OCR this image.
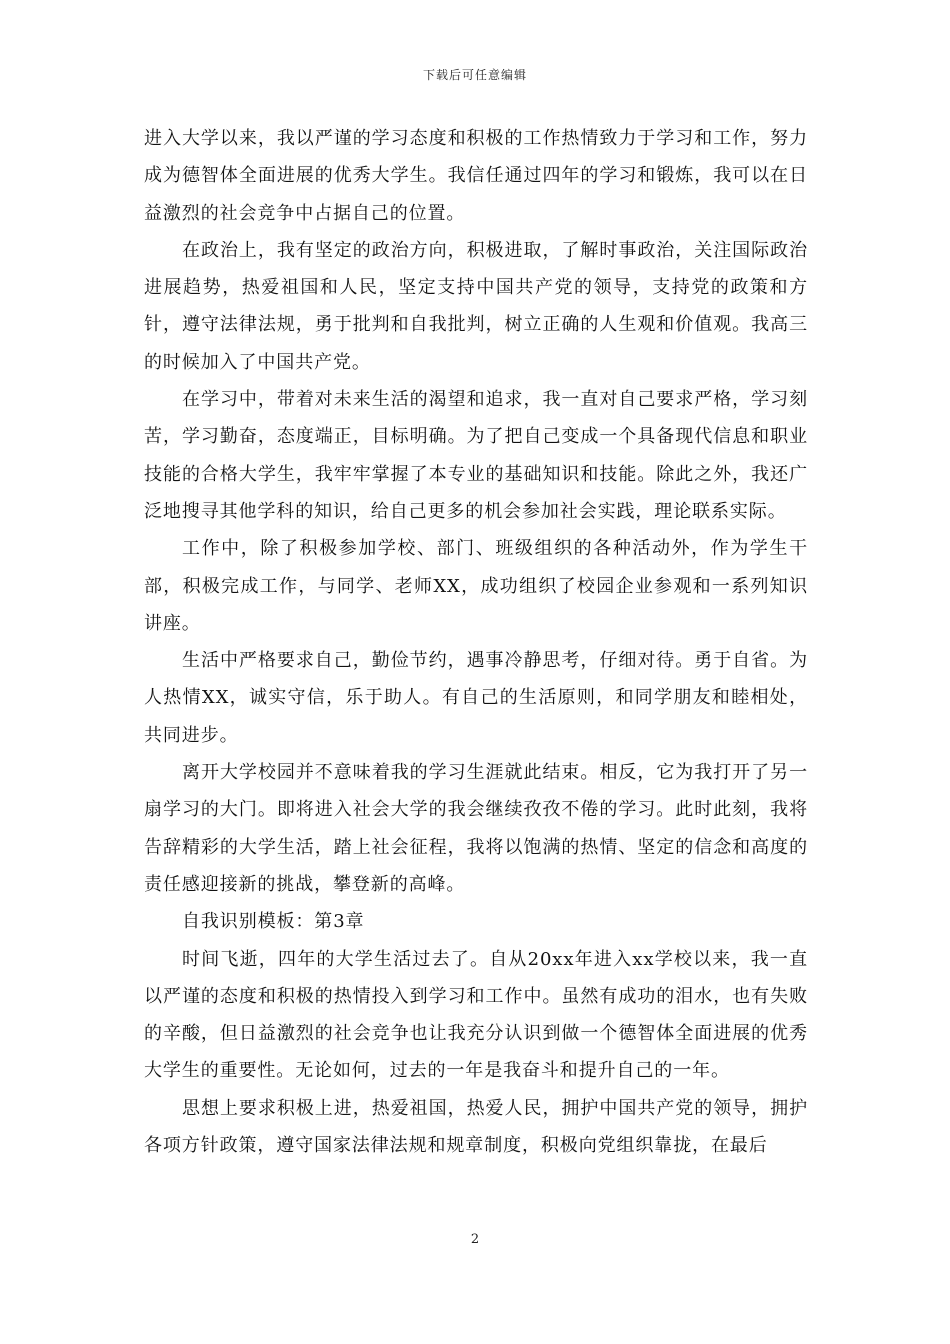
下载后可任意编辑

进入大学以来，我以严谨的学习态度和积极的工作热情致力于学习和工作，努力成为德智体全面进展的优秀大学生。我信任通过四年的学习和锻炼，我可以在日益激烈的社会竞争中占据自己的位置。

在政治上，我有坚定的政治方向，积极进取，了解时事政治，关注国际政治进展趋势，热爱祖国和人民，坚定支持中国共产党的领导，支持党的政策和方针，遵守法律法规，勇于批判和自我批判，树立正确的人生观和价值观。我高三的时候加入了中国共产党。

在学习中，带着对未来生活的渴望和追求，我一直对自己要求严格，学习刻苦，学习勤奋，态度端正，目标明确。为了把自己变成一个具备现代信息和职业技能的合格大学生，我牢牢掌握了本专业的基础知识和技能。除此之外，我还广泛地搜寻其他学科的知识，给自己更多的机会参加社会实践，理论联系实际。

工作中，除了积极参加学校、部门、班级组织的各种活动外，作为学生干部，积极完成工作，与同学、老师XX，成功组织了校园企业参观和一系列知识讲座。

生活中严格要求自己，勤俭节约，遇事冷静思考，仔细对待。勇于自省。为人热情XX，诚实守信，乐于助人。有自己的生活原则，和同学朋友和睦相处，共同进步。

离开大学校园并不意味着我的学习生涯就此结束。相反，它为我打开了另一扇学习的大门。即将进入社会大学的我会继续孜孜不倦的学习。此时此刻，我将告辞精彩的大学生活，踏上社会征程，我将以饱满的热情、坚定的信念和高度的责任感迎接新的挑战，攀登新的高峰。

自我识别模板：第3章

时间飞逝，四年的大学生活过去了。自从20xx年进入xx学校以来，我一直以严谨的态度和积极的热情投入到学习和工作中。虽然有成功的泪水，也有失败的辛酸，但日益激烈的社会竞争也让我充分认识到做一个德智体全面进展的优秀大学生的重要性。无论如何，过去的一年是我奋斗和提升自己的一年。

思想上要求积极上进，热爱祖国，热爱人民，拥护中国共产党的领导，拥护各项方针政策，遵守国家法律法规和规章制度，积极向党组织靠拢，在最后

2
